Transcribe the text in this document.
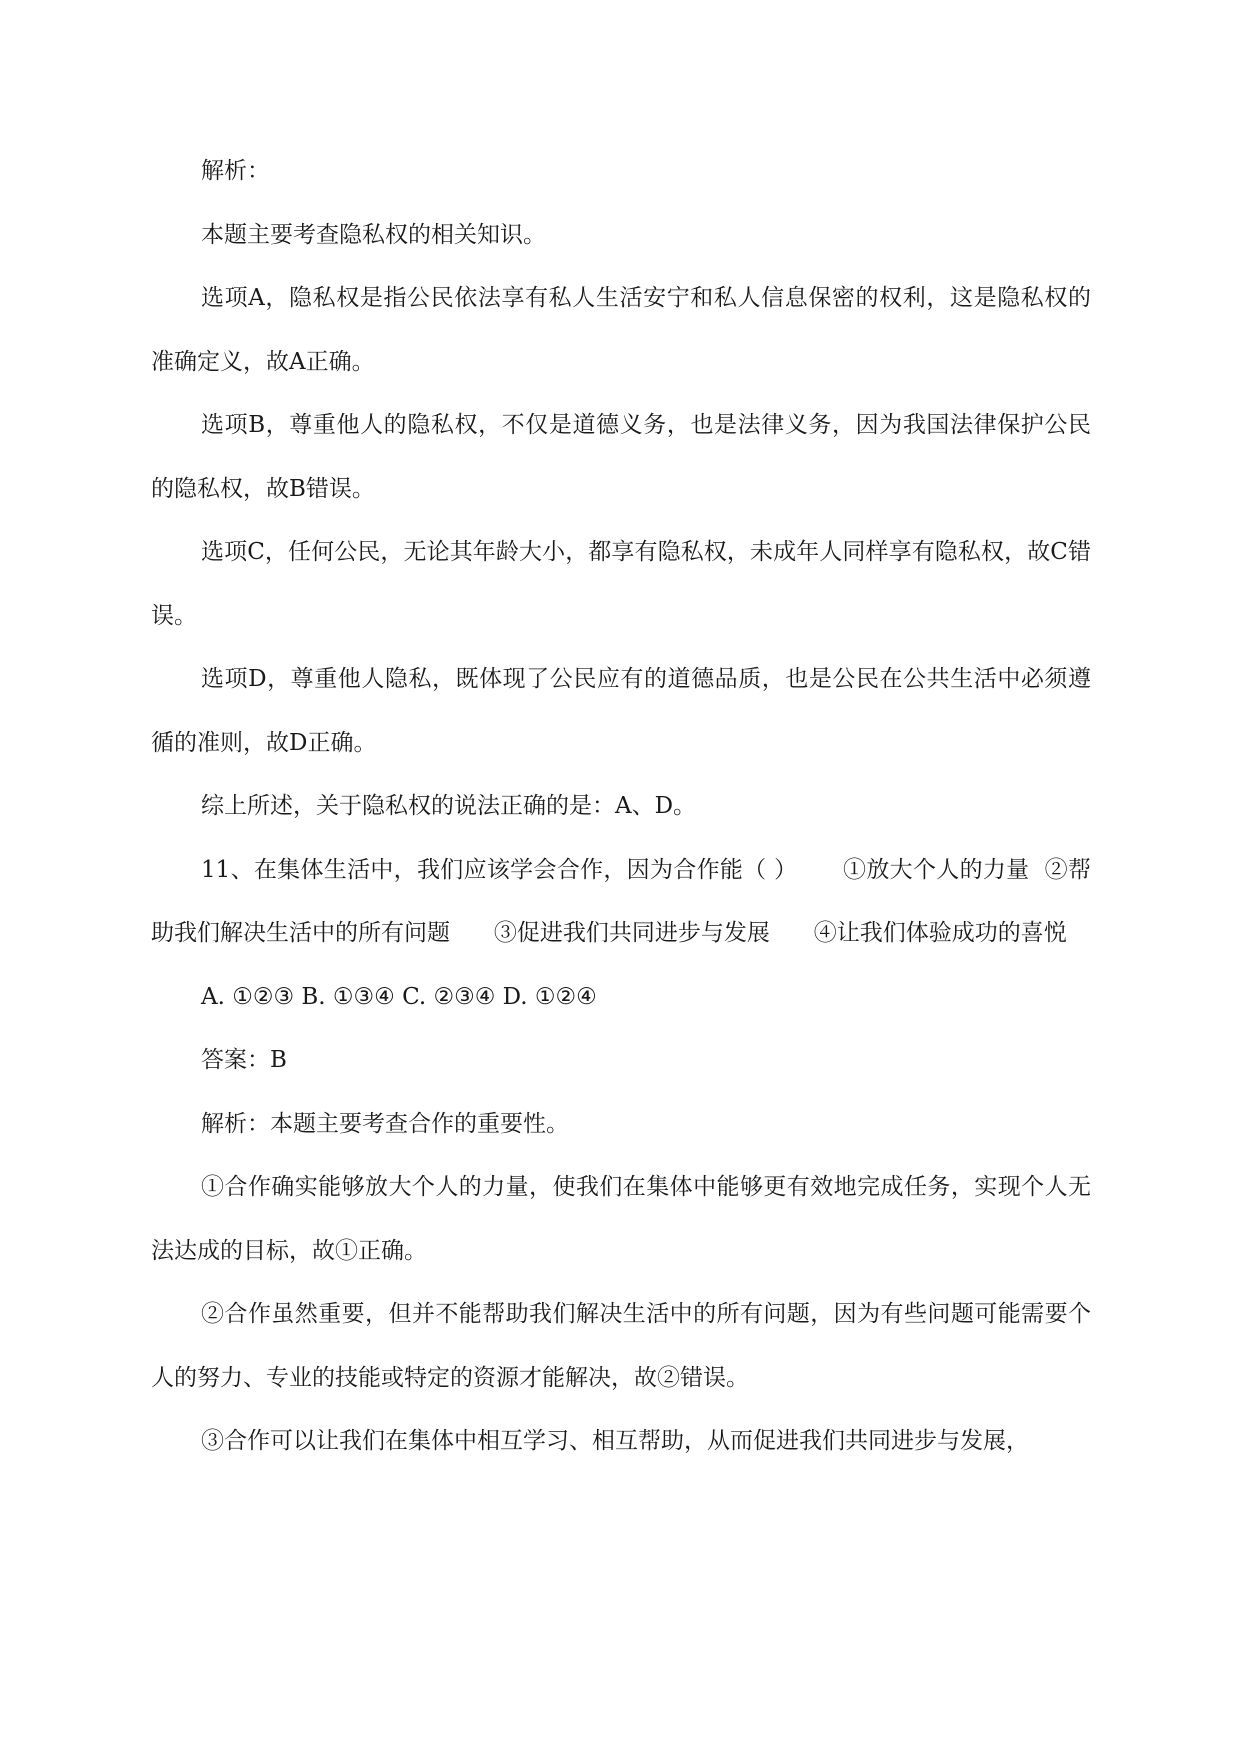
解析：

本题主要考查隐私权的相关知识。

选项A，隐私权是指公民依法享有私人生活安宁和私人信息保密的权利，这是隐私权的准确定义，故A正确。

选项B，尊重他人的隐私权，不仅是道德义务，也是法律义务，因为我国法律保护公民的隐私权，故B错误。

选项C，任何公民，无论其年龄大小，都享有隐私权，未成年人同样享有隐私权，故C错误。

选项D，尊重他人隐私，既体现了公民应有的道德品质，也是公民在公共生活中必须遵循的准则，故D正确。

综上所述，关于隐私权的说法正确的是：A、D。

11、在集体生活中，我们应该学会合作，因为合作能（ ）      ①放大个人的力量  ②帮助我们解决生活中的所有问题      ③促进我们共同进步与发展      ④让我们体验成功的喜悦

A. ①②③ B. ①③④ C. ②③④ D. ①②④

答案：B

解析：本题主要考查合作的重要性。

①合作确实能够放大个人的力量，使我们在集体中能够更有效地完成任务，实现个人无法达成的目标，故①正确。

②合作虽然重要，但并不能帮助我们解决生活中的所有问题，因为有些问题可能需要个人的努力、专业的技能或特定的资源才能解决，故②错误。

③合作可以让我们在集体中相互学习、相互帮助，从而促进我们共同进步与发展，
